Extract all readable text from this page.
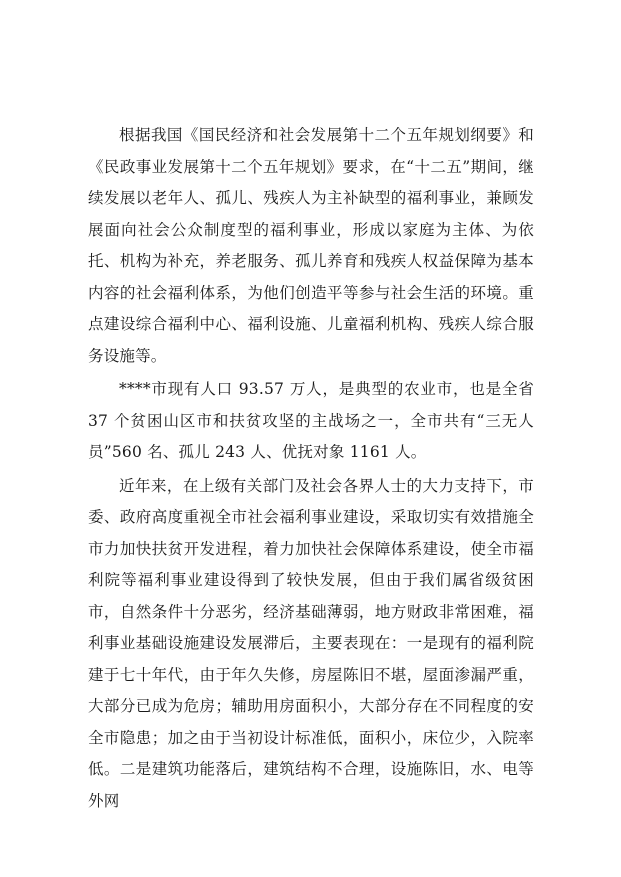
根据我国《国民经济和社会发展第十二个五年规划纲要》和《民政事业发展第十二个五年规划》要求，在“十二五”期间，继续发展以老年人、孤儿、残疾人为主补缺型的福利事业，兼顾发展面向社会公众制度型的福利事业，形成以家庭为主体、为依托、机构为补充，养老服务、孤儿养育和残疾人权益保障为基本内容的社会福利体系，为他们创造平等参与社会生活的环境。重点建设综合福利中心、福利设施、儿童福利机构、残疾人综合服务设施等。

****市现有人口 93.57 万人，是典型的农业市，也是全省 37 个贫困山区市和扶贫攻坚的主战场之一，全市共有“三无人员”560 名、孤儿 243 人、优抚对象 1161 人。

近年来，在上级有关部门及社会各界人士的大力支持下，市委、政府高度重视全市社会福利事业建设，采取切实有效措施全市力加快扶贫开发进程，着力加快社会保障体系建设，使全市福利院等福利事业建设得到了较快发展，但由于我们属省级贫困市，自然条件十分恶劣，经济基础薄弱，地方财政非常困难，福利事业基础设施建设发展滞后，主要表现在：一是现有的福利院建于七十年代，由于年久失修，房屋陈旧不堪，屋面渗漏严重，大部分已成为危房；辅助用房面积小，大部分存在不同程度的安全市隐患；加之由于当初设计标准低，面积小，床位少，入院率低。二是建筑功能落后，建筑结构不合理，设施陈旧，水、电等外网
